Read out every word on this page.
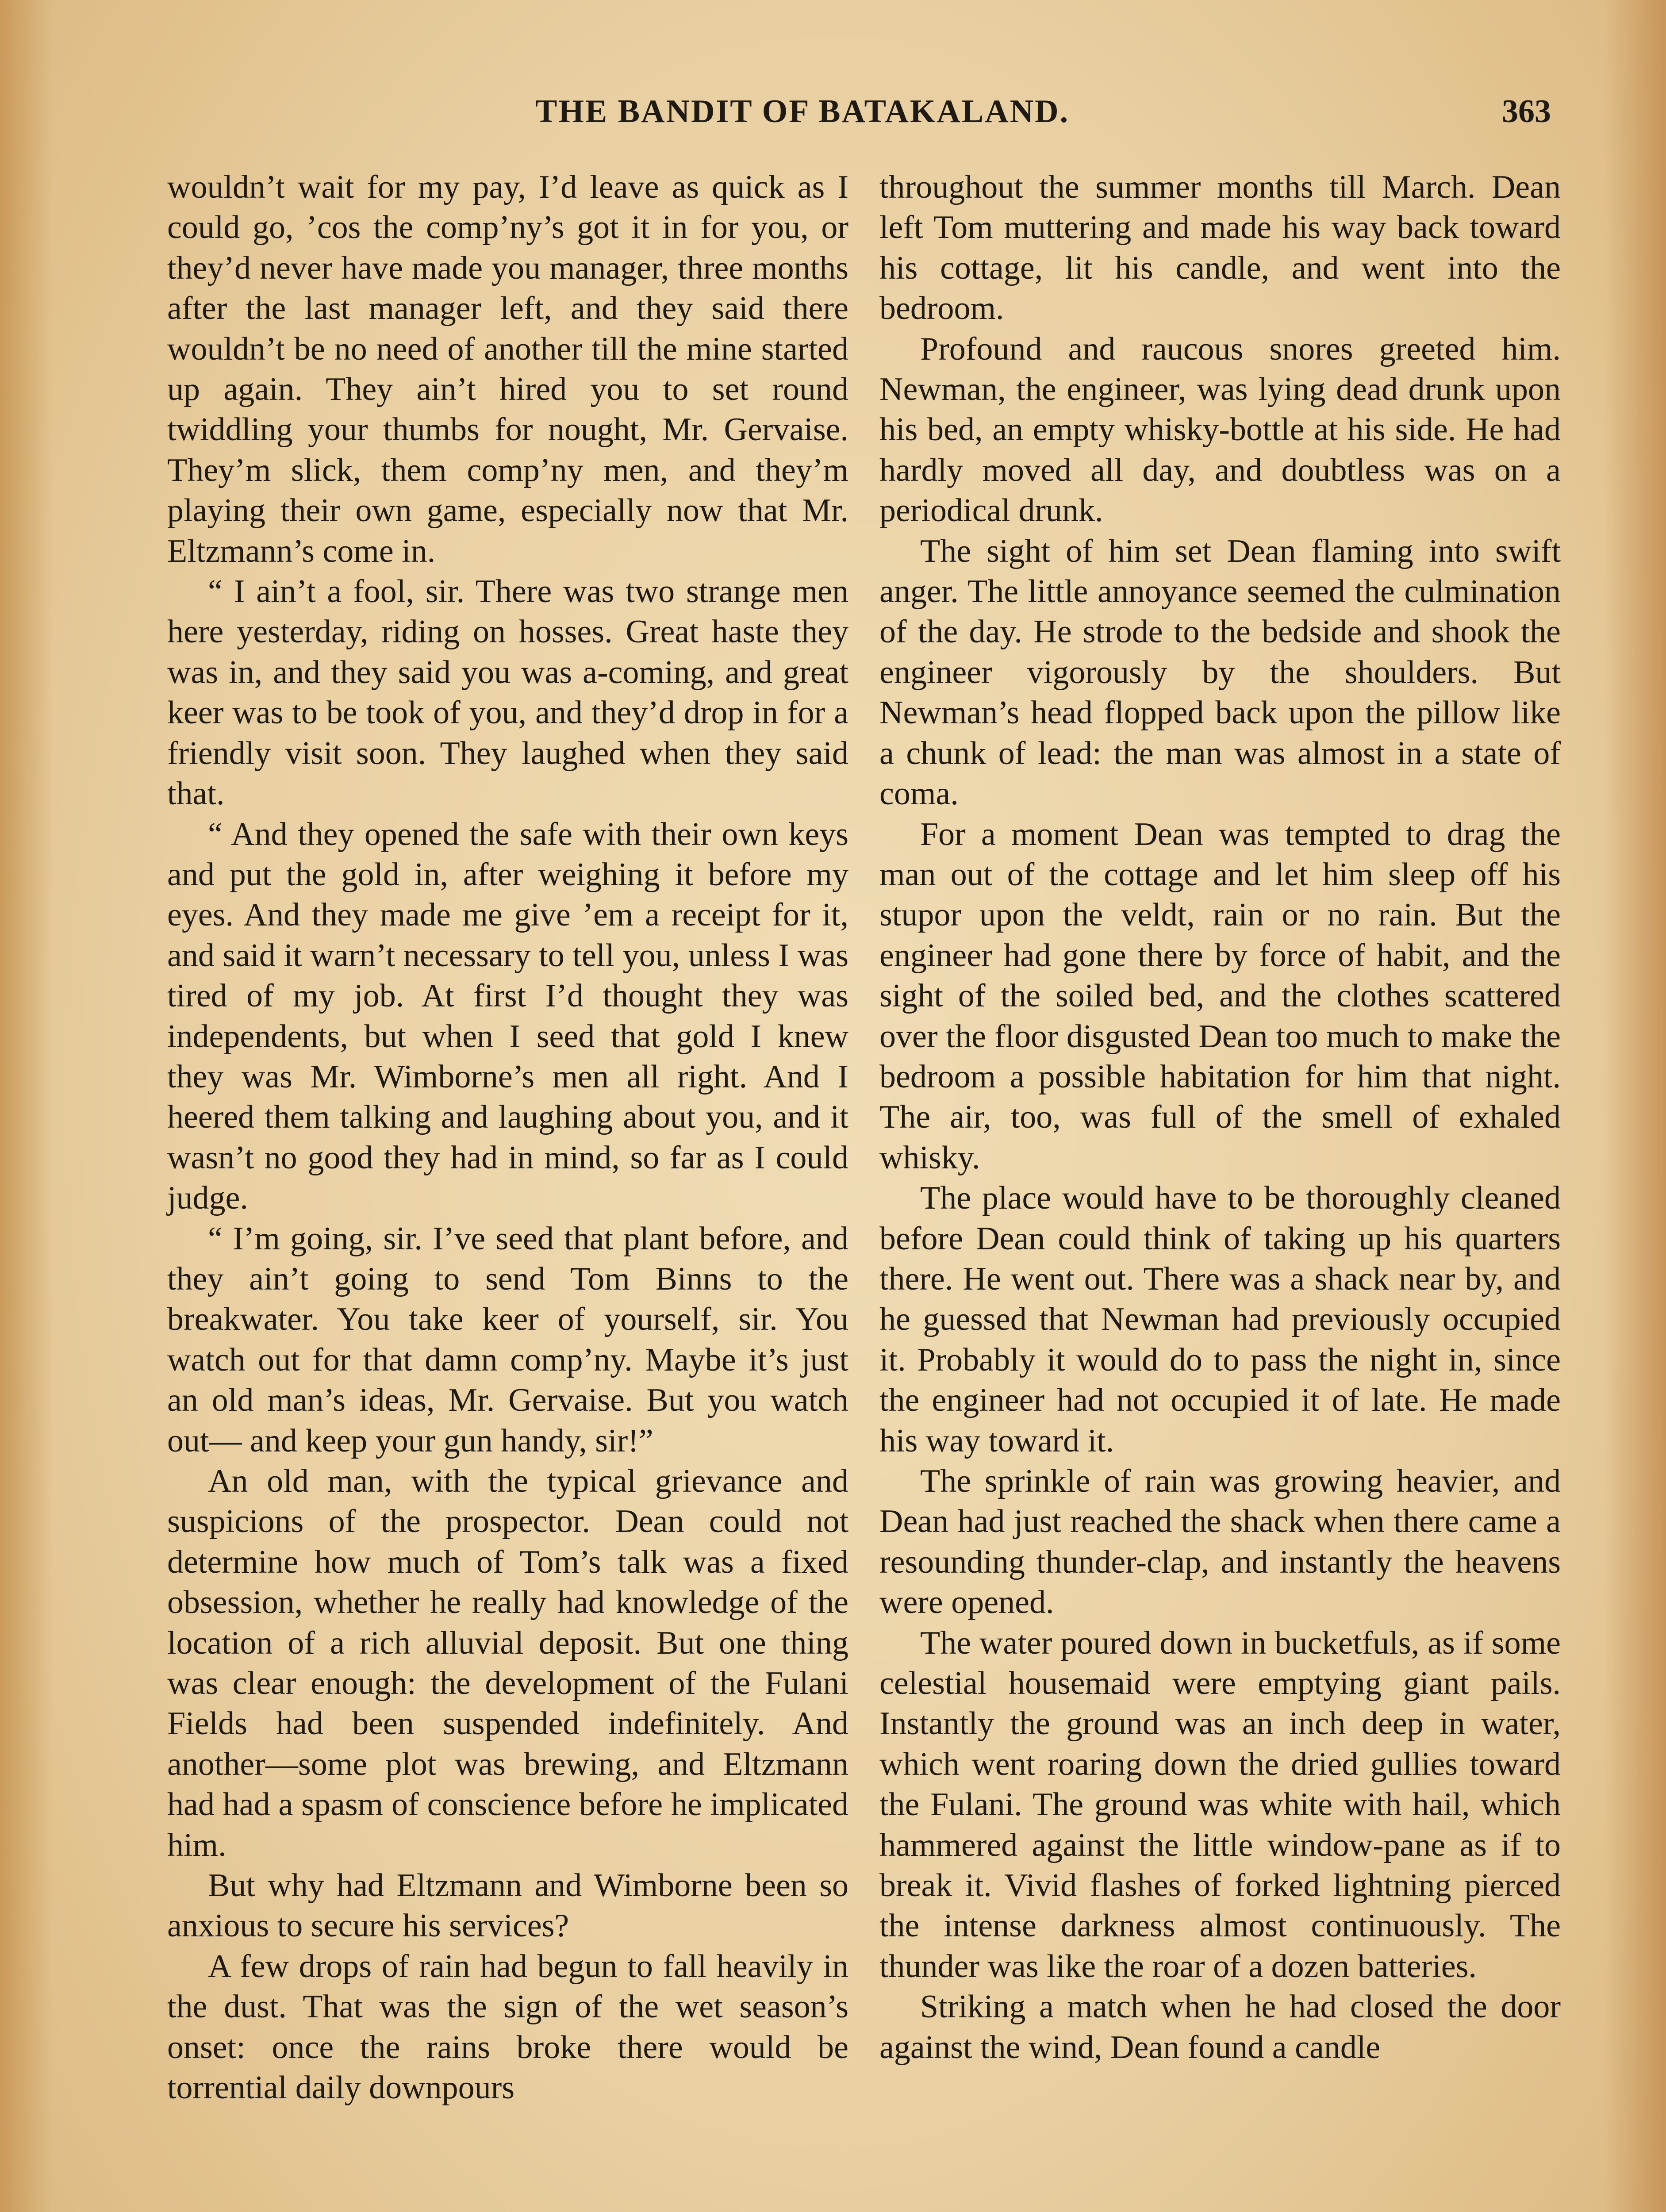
THE BANDIT OF BATAKALAND.	363

wouldn’t wait for my pay, I’d leave as quick as I could go, ’cos the comp’ny’s got it in for you, or they’d never have made you manager, three months after the last manager left, and they said there wouldn’t be no need of another till the mine started up again. They ain’t hired you to set round twiddling your thumbs for nought, Mr. Gervaise. They’m slick, them comp’ny men, and they’m playing their own game, especially now that Mr. Eltzmann’s come in.

“ I ain’t a fool, sir. There was two strange men here yesterday, riding on hosses. Great haste they was in, and they said you was a-coming, and great keer was to be took of you, and they’d drop in for a friendly visit soon. They laughed when they said that.

“ And they opened the safe with their own keys and put the gold in, after weighing it before my eyes. And they made me give ’em a receipt for it, and said it warn’t necessary to tell you, unless I was tired of my job. At first I’d thought they was independents, but when I seed that gold I knew they was Mr. Wimborne’s men all right. And I heered them talking and laughing about you, and it wasn’t no good they had in mind, so far as I could judge.

“ I’m going, sir. I’ve seed that plant before, and they ain’t going to send Tom Binns to the breakwater. You take keer of yourself, sir. You watch out for that damn comp’ny. Maybe it’s just an old man’s ideas, Mr. Gervaise. But you watch out— and keep your gun handy, sir!”

An old man, with the typical grievance and suspicions of the prospector. Dean could not determine how much of Tom’s talk was a fixed obsession, whether he really had knowledge of the location of a rich alluvial deposit. But one thing was clear enough: the development of the Fulani Fields had been suspended indefinitely. And another—some plot was brewing, and Eltzmann had had a spasm of conscience before he implicated him.

But why had Eltzmann and Wimborne been so anxious to secure his services?

A few drops of rain had begun to fall heavily in the dust. That was the sign of the wet season’s onset: once the rains broke there would be torrential daily downpours

throughout the summer months till March. Dean left Tom muttering and made his way back toward his cottage, lit his candle, and went into the bedroom.

Profound and raucous snores greeted him. Newman, the engineer, was lying dead drunk upon his bed, an empty whisky-bottle at his side. He had hardly moved all day, and doubtless was on a periodical drunk.

The sight of him set Dean flaming into swift anger. The little annoyance seemed the culmination of the day. He strode to the bedside and shook the engineer vigorously by the shoulders. But Newman’s head flopped back upon the pillow like a chunk of lead: the man was almost in a state of coma.

For a moment Dean was tempted to drag the man out of the cottage and let him sleep off his stupor upon the veldt, rain or no rain. But the engineer had gone there by force of habit, and the sight of the soiled bed, and the clothes scattered over the floor disgusted Dean too much to make the bedroom a possible habitation for him that night. The air, too, was full of the smell of exhaled whisky.

The place would have to be thoroughly cleaned before Dean could think of taking up his quarters there. He went out. There was a shack near by, and he guessed that Newman had previously occupied it. Probably it would do to pass the night in, since the engineer had not occupied it of late. He made his way toward it.

The sprinkle of rain was growing heavier, and Dean had just reached the shack when there came a resounding thunder-clap, and instantly the heavens were opened.

The water poured down in bucketfuls, as if some celestial housemaid were emptying giant pails. Instantly the ground was an inch deep in water, which went roaring down the dried gullies toward the Fulani. The ground was white with hail, which hammered against the little window-pane as if to break it. Vivid flashes of forked lightning pierced the intense darkness almost continuously. The thunder was like the roar of a dozen batteries.

Striking a match when he had closed the door against the wind, Dean found a candle
